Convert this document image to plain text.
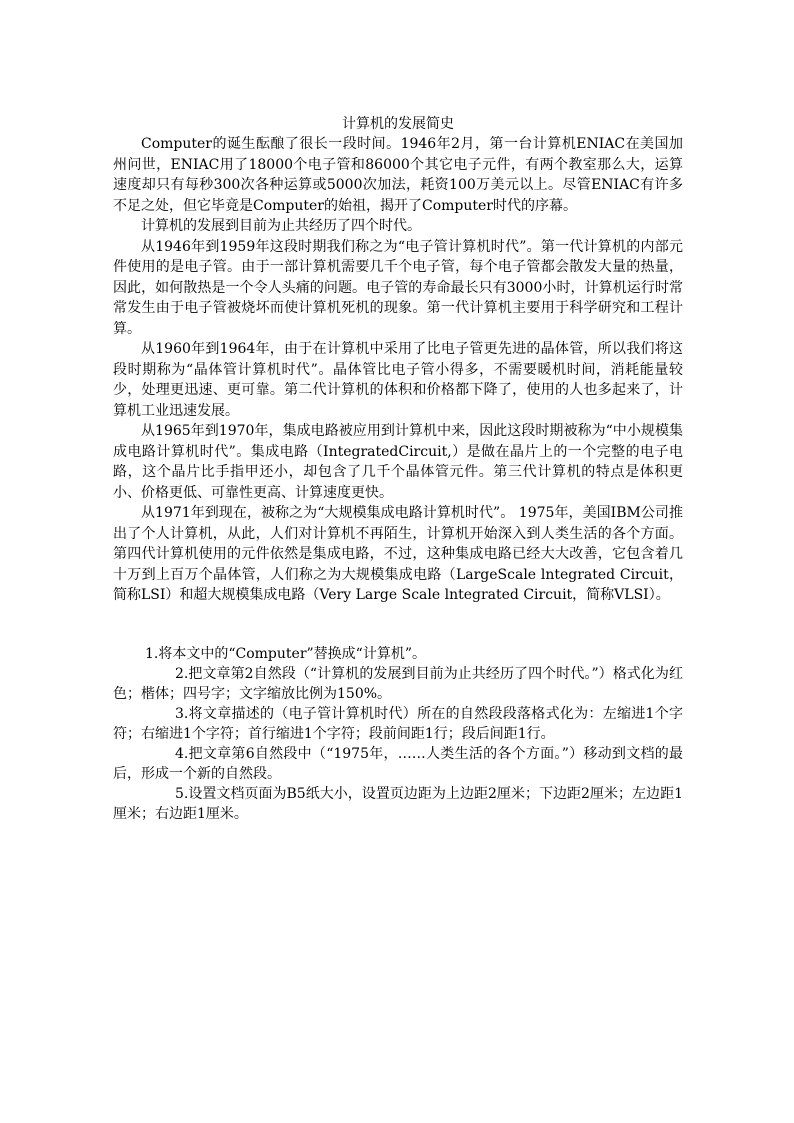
计算机的发展简史

Computer的诞生酝酿了很长一段时间。1946年2月，第一台计算机ENIAC在美国加州问世，ENIAC用了18000个电子管和86000个其它电子元件，有两个教室那么大，运算速度却只有每秒300次各种运算或5000次加法，耗资100万美元以上。尽管ENIAC有许多不足之处，但它毕竟是Computer的始祖，揭开了Computer时代的序幕。

计算机的发展到目前为止共经历了四个时代。

从1946年到1959年这段时期我们称之为“电子管计算机时代”。第一代计算机的内部元件使用的是电子管。由于一部计算机需要几千个电子管，每个电子管都会散发大量的热量，因此，如何散热是一个令人头痛的问题。电子管的寿命最长只有3000小时，计算机运行时常常发生由于电子管被烧坏而使计算机死机的现象。第一代计算机主要用于科学研究和工程计算。

从1960年到1964年，由于在计算机中采用了比电子管更先进的晶体管，所以我们将这段时期称为“晶体管计算机时代”。晶体管比电子管小得多，不需要暖机时间，消耗能量较少，处理更迅速、更可靠。第二代计算机的体积和价格都下降了，使用的人也多起来了，计算机工业迅速发展。

从1965年到1970年，集成电路被应用到计算机中来，因此这段时期被称为“中小规模集成电路计算机时代”。集成电路（IntegratedCircuit,）是做在晶片上的一个完整的电子电路，这个晶片比手指甲还小，却包含了几千个晶体管元件。第三代计算机的特点是体积更小、价格更低、可靠性更高、计算速度更快。

从1971年到现在，被称之为“大规模集成电路计算机时代”。 1975年，美国IBM公司推出了个人计算机，从此，人们对计算机不再陌生，计算机开始深入到人类生活的各个方面。第四代计算机使用的元件依然是集成电路，不过，这种集成电路已经大大改善，它包含着几十万到上百万个晶体管，人们称之为大规模集成电路（LargeScale lntegrated Circuit，简称LSI）和超大规模集成电路（Very Large Scale lntegrated Circuit，简称VLSI）。

1.将本文中的“Computer”替换成“计算机”。

2.把文章第2自然段（“计算机的发展到目前为止共经历了四个时代。”）格式化为红色；楷体；四号字；文字缩放比例为150%。

3.将文章描述的（电子管计算机时代）所在的自然段段落格式化为：左缩进1个字符；右缩进1个字符；首行缩进1个字符；段前间距1行；段后间距1行。

4.把文章第6自然段中（“1975年，……人类生活的各个方面。”）移动到文档的最后，形成一个新的自然段。

5.设置文档页面为B5纸大小，设置页边距为上边距2厘米；下边距2厘米；左边距1厘米；右边距1厘米。
